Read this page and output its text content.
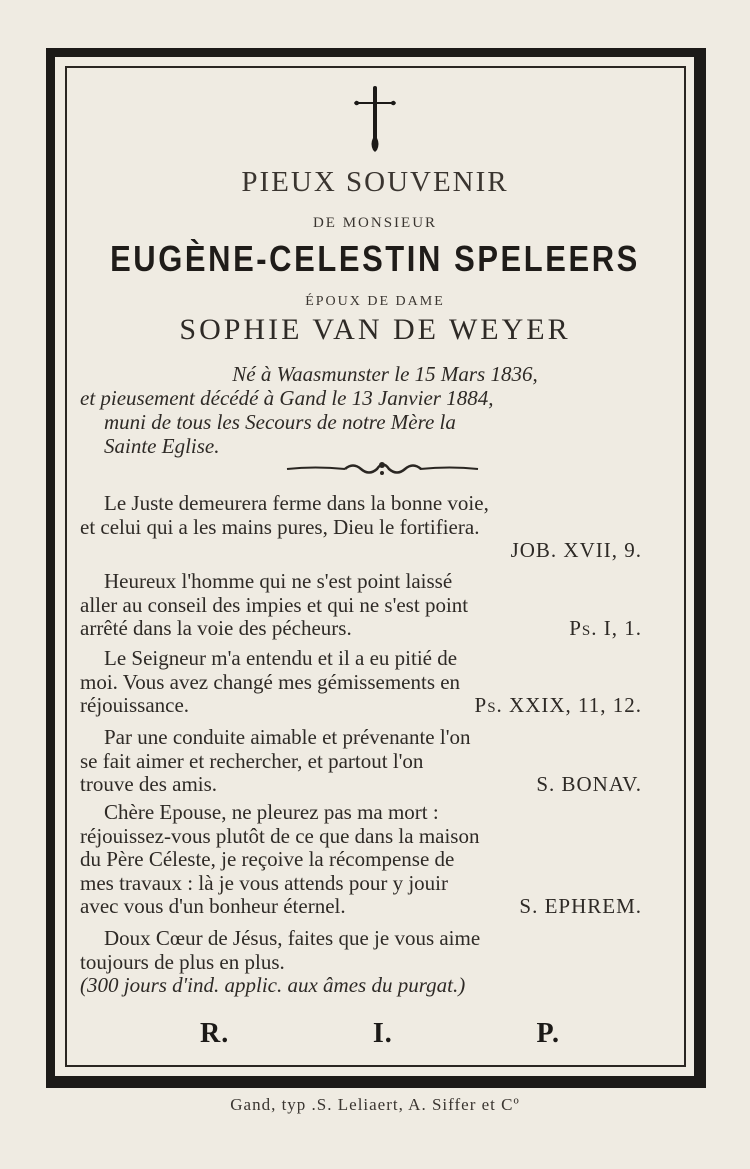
PIEUX SOUVENIR
DE MONSIEUR
EUGÈNE-CELESTIN SPELEERS
ÉPOUX DE DAME
SOPHIE VAN DE WEYER
Né à Waasmunster le 15 Mars 1836,
et pieusement décédé à Gand le 13 Janvier 1884,
muni de tous les Secours de notre Mère la
Sainte Eglise.

Le Juste demeurera ferme dans la bonne voie,

et celui qui a les mains pures, Dieu le fortifiera.

JOB. XVII, 9.

Heureux l'homme qui ne s'est point laissé

aller au conseil des impies et qui ne s'est point

arrêté dans la voie des pécheurs.	Ps. I, 1.

Le Seigneur m'a entendu et il a eu pitié de

moi. Vous avez changé mes gémissements en

réjouissance.	Ps. XXIX, 11, 12.

Par une conduite aimable et prévenante l'on

se fait aimer et rechercher, et partout l'on

trouve des amis.	S. BONAV.

Chère Epouse, ne pleurez pas ma mort :

réjouissez-vous plutôt de ce que dans la maison

du Père Céleste, je reçoive la récompense de

mes travaux : là je vous attends pour y jouir

avec vous d'un bonheur éternel.	S. EPHREM.

Doux Cœur de Jésus, faites que je vous aime

toujours de plus en plus.

(300 jours d'ind. applic. aux âmes du purgat.)

R.	I.	P.
Gand, typ .S. Leliaert, A. Siffer et Cº
